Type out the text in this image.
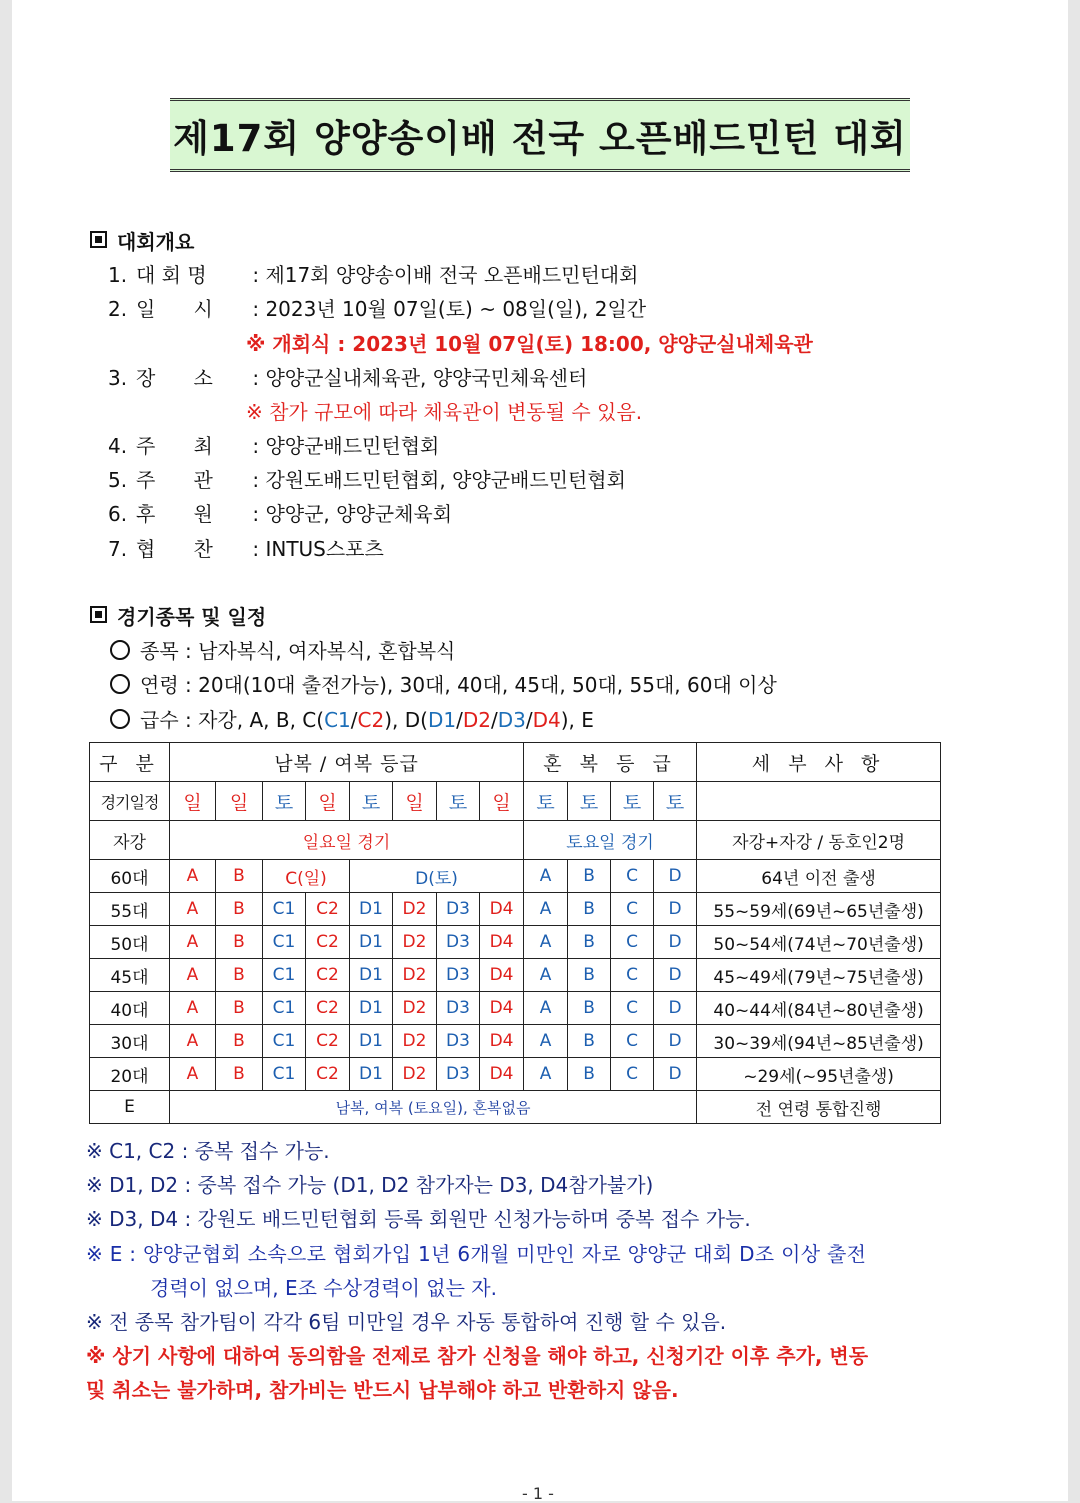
제17회 양양송이배 전국 오픈배드민턴 대회
대회개요
1. 대 회 명 : 제17회 양양송이배 전국 오픈배드민턴대회
2. 일      시 : 2023년 10월 07일(토) ~ 08일(일), 2일간
※ 개회식 : 2023년 10월 07일(토) 18:00, 양양군실내체육관
3. 장      소 : 양양군실내체육관, 양양국민체육센터
※ 참가 규모에 따라 체육관이 변동될 수 있음.
4. 주      최 : 양양군배드민턴협회
5. 주      관 : 강원도배드민턴협회, 양양군배드민턴협회
6. 후      원 : 양양군, 양양군체육회
7. 협      찬 : INTUS스포츠
경기종목 및 일정
종목 : 남자복식, 여자복식, 혼합복식
연령 : 20대(10대 출전가능), 30대, 40대, 45대, 50대, 55대, 60대 이상
급수 : 자강, A, B, C(C1/C2), D(D1/D2/D3/D4), E
구 분	남복 / 여복 등급								혼 복 등 급				세 부 사 항
경기일정	일	일	토	일	토	일	토	일	토	토	토	토	
자강	일요일 경기								토요일 경기				자강+자강 / 동호인2명
60대	A	B	C(일)		D(토)				A	B	C	D	64년 이전 출생
55대	A	B	C1	C2	D1	D2	D3	D4	A	B	C	D	55~59세(69년~65년출생)
50대	A	B	C1	C2	D1	D2	D3	D4	A	B	C	D	50~54세(74년~70년출생)
45대	A	B	C1	C2	D1	D2	D3	D4	A	B	C	D	45~49세(79년~75년출생)
40대	A	B	C1	C2	D1	D2	D3	D4	A	B	C	D	40~44세(84년~80년출생)
30대	A	B	C1	C2	D1	D2	D3	D4	A	B	C	D	30~39세(94년~85년출생)
20대	A	B	C1	C2	D1	D2	D3	D4	A	B	C	D	~29세(~95년출생)
E	남복, 여복 (토요일), 혼복없음												전 연령 통합진행
※ C1, C2 : 중복 접수 가능.
※ D1, D2 : 중복 접수 가능 (D1, D2 참가자는 D3, D4참가불가)
※ D3, D4 : 강원도 배드민턴협회 등록 회원만 신청가능하며 중복 접수 가능.
※ E : 양양군협회 소속으로 협회가입 1년 6개월 미만인 자로 양양군 대회 D조 이상 출전
경력이 없으며, E조 수상경력이 없는 자.
※ 전 종목 참가팀이 각각 6팀 미만일 경우 자동 통합하여 진행 할 수 있음.
※ 상기 사항에 대하여 동의함을 전제로 참가 신청을 해야 하고, 신청기간 이후 추가, 변동
및 취소는 불가하며, 참가비는 반드시 납부해야 하고 반환하지 않음.
- 1 -
